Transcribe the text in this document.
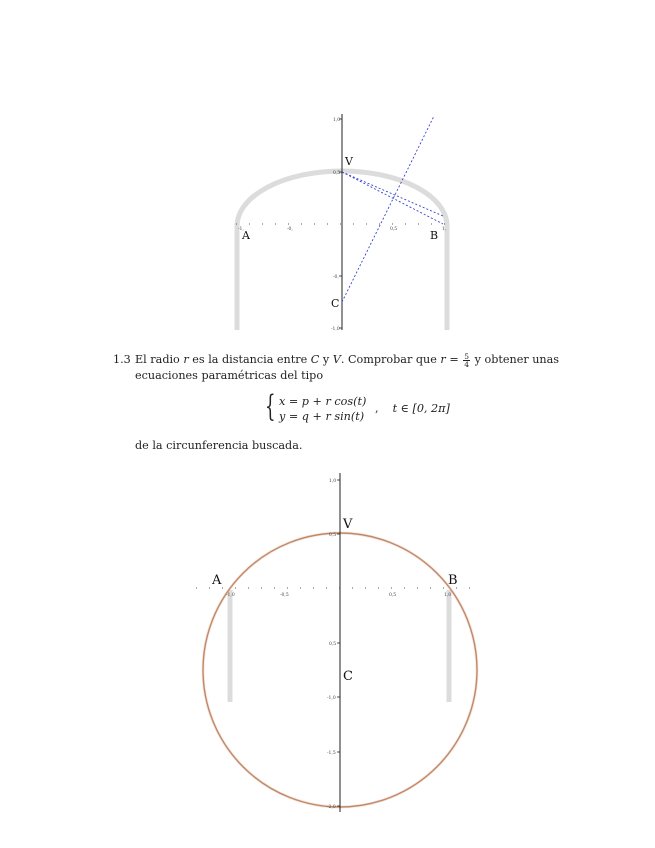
1,0
0,5
-0,
-1,0
-1,	-0,	0,5	1,
V
A	B
C
1.3 El radio r es la distancia entre C y V. Comprobar que $r = \frac{5}{4}$ y obtener unas ecuaciones paramétricas del tipo
{ x = p + r cos(t)
y = q + r sin(t)
, t ∈ [0, 2π]
de la circunferencia buscada.
1,0
0,5
0,5
-1,0
-1,5
-2,0
-1,0	-0,5	0,5	1,0
V
A	B
C
